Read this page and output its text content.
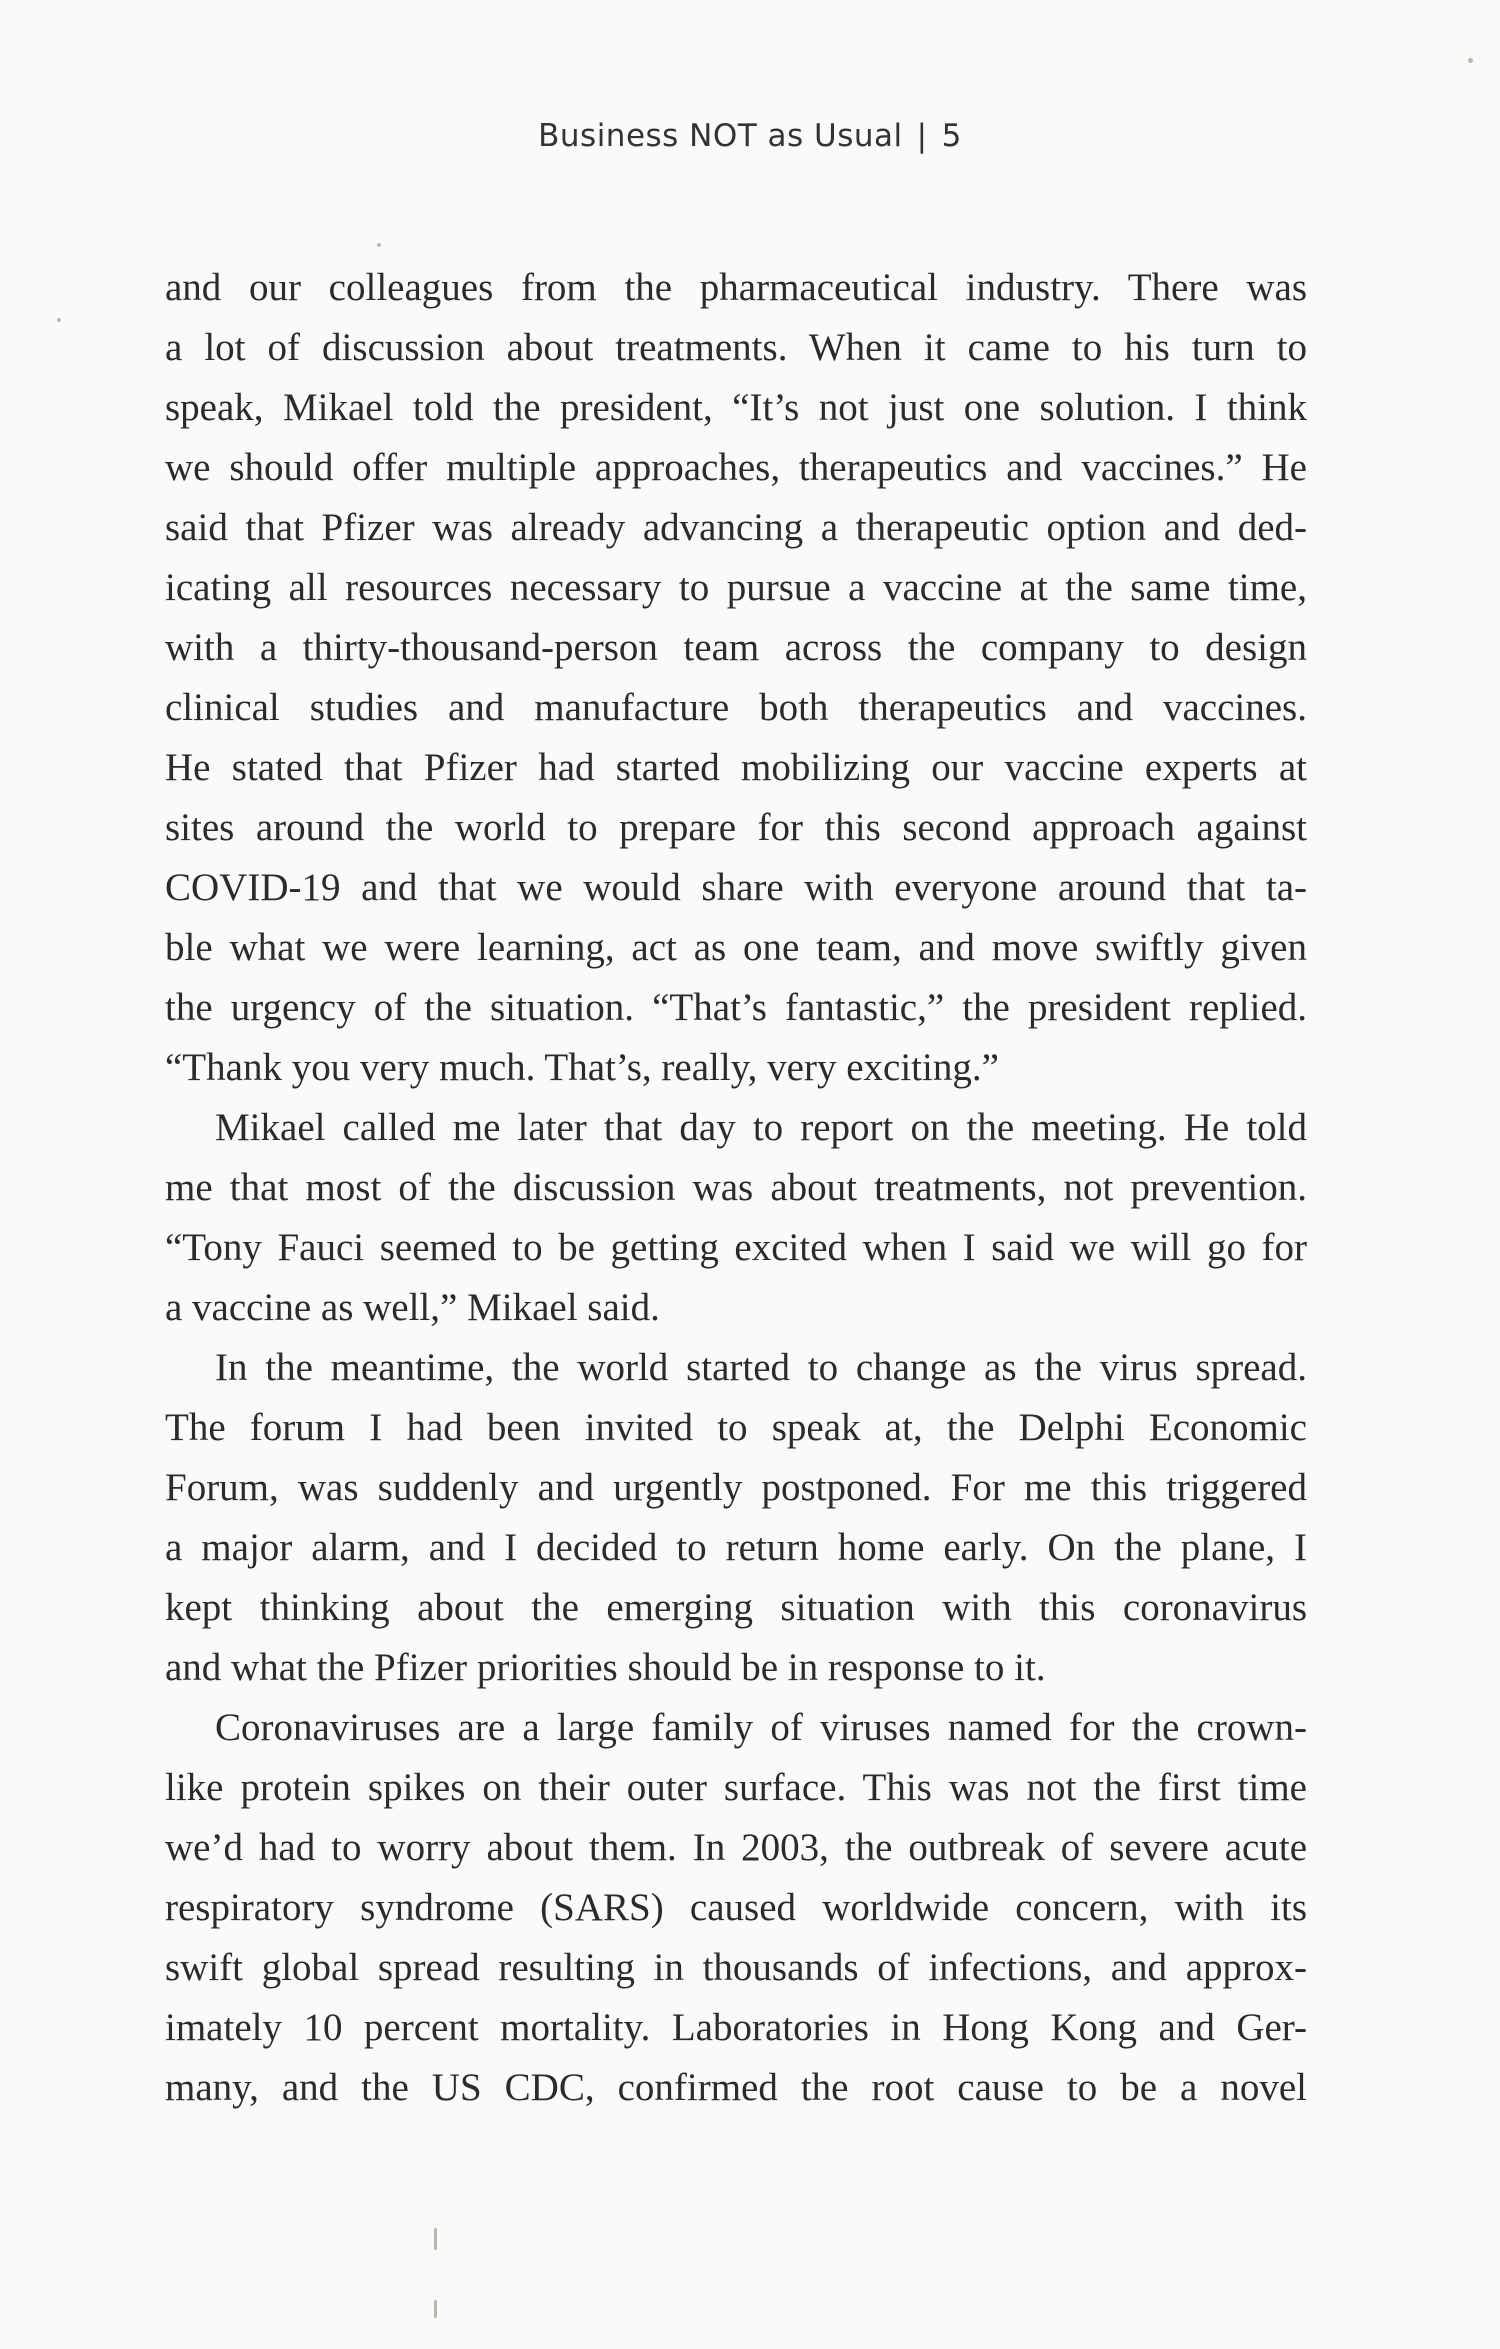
Business NOT as Usual | 5
and our colleagues from the pharmaceutical industry. There was
a lot of discussion about treatments. When it came to his turn to
speak, Mikael told the president, “It’s not just one solution. I think
we should offer multiple approaches, therapeutics and vaccines.” He
said that Pfizer was already advancing a therapeutic option and ded-
icating all resources necessary to pursue a vaccine at the same time,
with a thirty-thousand-person team across the company to design
clinical studies and manufacture both therapeutics and vaccines.
He stated that Pfizer had started mobilizing our vaccine experts at
sites around the world to prepare for this second approach against
COVID-19 and that we would share with everyone around that ta-
ble what we were learning, act as one team, and move swiftly given
the urgency of the situation. “That’s fantastic,” the president replied.
“Thank you very much. That’s, really, very exciting.”
Mikael called me later that day to report on the meeting. He told
me that most of the discussion was about treatments, not prevention.
“Tony Fauci seemed to be getting excited when I said we will go for
a vaccine as well,” Mikael said.
In the meantime, the world started to change as the virus spread.
The forum I had been invited to speak at, the Delphi Economic
Forum, was suddenly and urgently postponed. For me this triggered
a major alarm, and I decided to return home early. On the plane, I
kept thinking about the emerging situation with this coronavirus
and what the Pfizer priorities should be in response to it.
Coronaviruses are a large family of viruses named for the crown-
like protein spikes on their outer surface. This was not the first time
we’d had to worry about them. In 2003, the outbreak of severe acute
respiratory syndrome (SARS) caused worldwide concern, with its
swift global spread resulting in thousands of infections, and approx-
imately 10 percent mortality. Laboratories in Hong Kong and Ger-
many, and the US CDC, confirmed the root cause to be a novel
